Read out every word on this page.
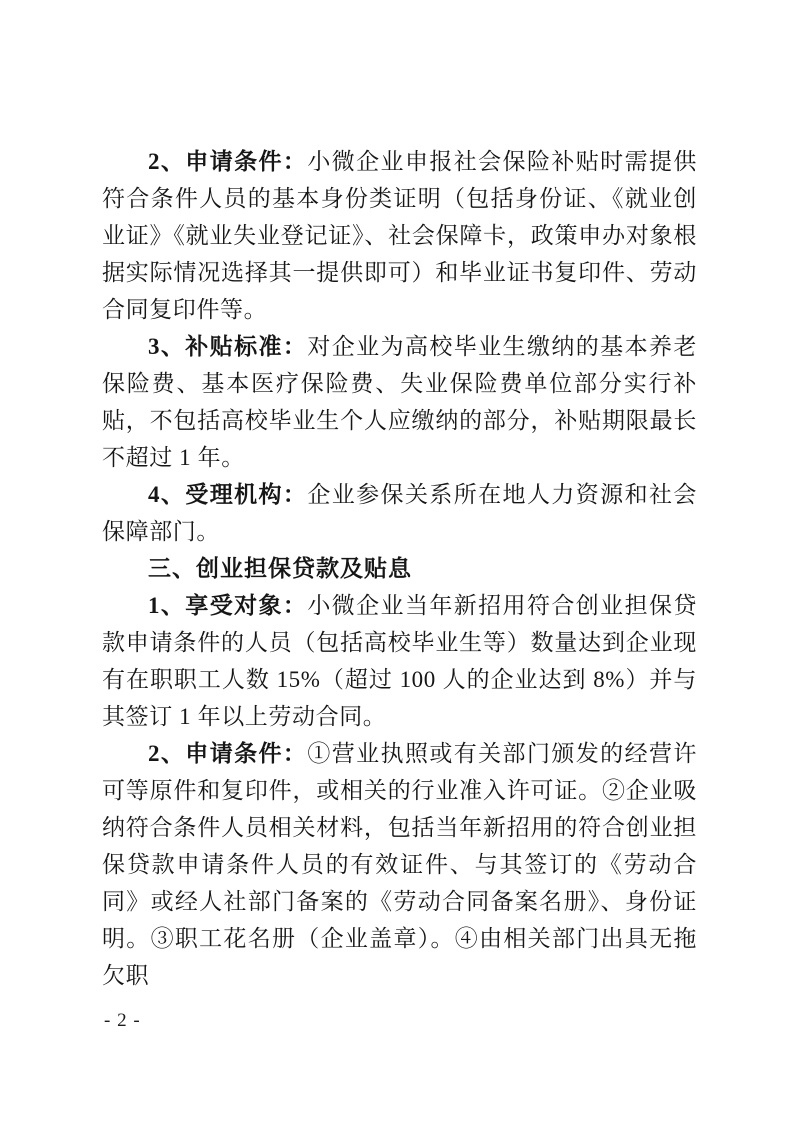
2、申请条件：小微企业申报社会保险补贴时需提供符合条件人员的基本身份类证明（包括身份证、《就业创业证》《就业失业登记证》、社会保障卡，政策申办对象根据实际情况选择其一提供即可）和毕业证书复印件、劳动合同复印件等。

3、补贴标准：对企业为高校毕业生缴纳的基本养老保险费、基本医疗保险费、失业保险费单位部分实行补贴，不包括高校毕业生个人应缴纳的部分，补贴期限最长不超过 1 年。

4、受理机构：企业参保关系所在地人力资源和社会保障部门。

三、创业担保贷款及贴息

1、享受对象：小微企业当年新招用符合创业担保贷款申请条件的人员（包括高校毕业生等）数量达到企业现有在职职工人数 15%（超过 100 人的企业达到 8%）并与其签订 1 年以上劳动合同。

2、申请条件：①营业执照或有关部门颁发的经营许可等原件和复印件，或相关的行业准入许可证。②企业吸纳符合条件人员相关材料，包括当年新招用的符合创业担保贷款申请条件人员的有效证件、与其签订的《劳动合同》或经人社部门备案的《劳动合同备案名册》、身份证明。③职工花名册（企业盖章）。④由相关部门出具无拖欠职

- 2 -
